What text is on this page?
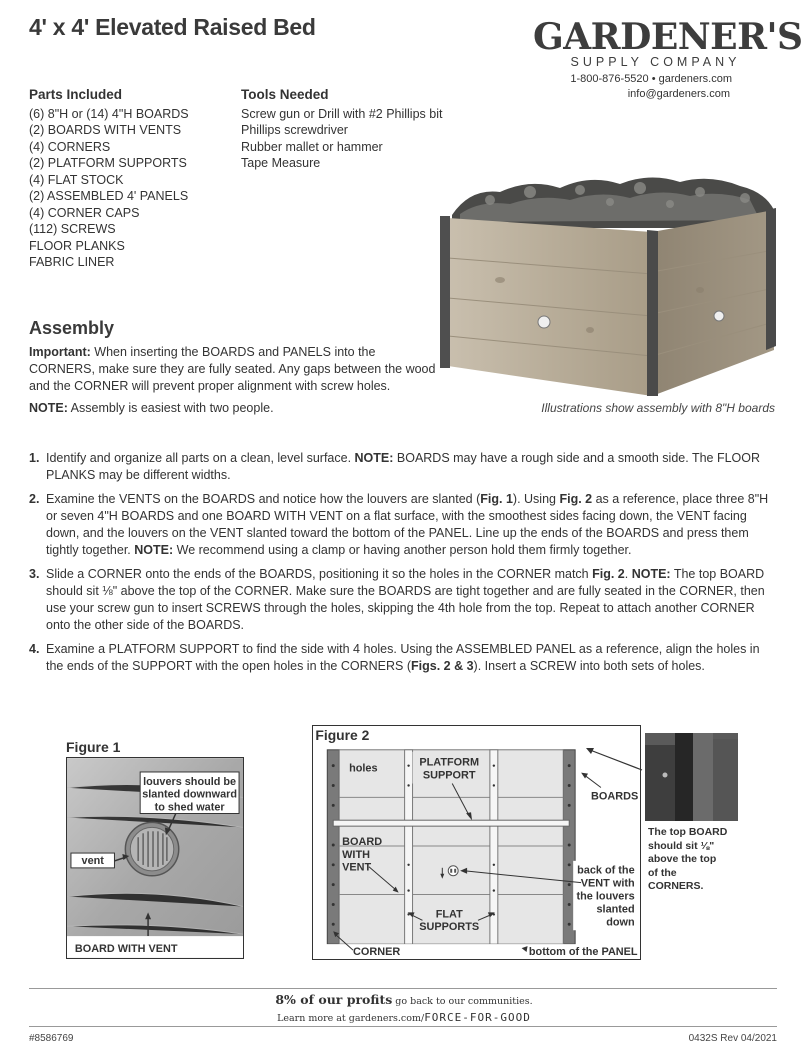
4' x 4' Elevated Raised Bed	GARDENER'S
SUPPLY COMPANY
1-800-876-5520 • gardeners.com
info@gardeners.com
Parts Included
(6) 8"H or (14) 4"H BOARDS
(2) BOARDS WITH VENTS
(4) CORNERS
(2) PLATFORM SUPPORTS
(4) FLAT STOCK
(2) ASSEMBLED 4' PANELS
(4) CORNER CAPS
(112) SCREWS
FLOOR PLANKS
FABRIC LINER
Tools Needed
Screw gun or Drill with #2 Phillips bit
Phillips screwdriver
Rubber mallet or hammer
Tape Measure
Assembly
Important: When inserting the BOARDS and PANELS into the CORNERS, make sure they are fully seated. Any gaps between the wood and the CORNER will prevent proper alignment with screw holes.
NOTE: Assembly is easiest with two people.	Illustrations show assembly with 8"H boards
1. Identify and organize all parts on a clean, level surface. NOTE: BOARDS may have a rough side and a smooth side. The FLOOR PLANKS may be different widths.
2. Examine the VENTS on the BOARDS and notice how the louvers are slanted (Fig. 1). Using Fig. 2 as a reference, place three 8"H or seven 4"H BOARDS and one BOARD WITH VENT on a flat surface, with the smoothest sides facing down, the VENT facing down, and the louvers on the VENT slanted toward the bottom of the PANEL. Line up the ends of the BOARDS and press them tightly together. NOTE: We recommend using a clamp or having another person hold them firmly together.
3. Slide a CORNER onto the ends of the BOARDS, positioning it so the holes in the CORNER match Fig. 2. NOTE: The top BOARD should sit ⅛" above the top of the CORNER. Make sure the BOARDS are tight together and are fully seated in the CORNER, then use your screw gun to insert SCREWS through the holes, skipping the 4th hole from the top. Repeat to attach another CORNER onto the other side of the BOARDS.
4. Examine a PLATFORM SUPPORT to find the side with 4 holes. Using the ASSEMBLED PANEL as a reference, align the holes in the ends of the SUPPORT with the open holes in the CORNERS (Figs. 2 & 3). Insert a SCREW into both sets of holes.
Figure 1
louvers should be
slanted downward
to shed water
vent
BOARD WITH VENT
Figure 2
holes	PLATFORM
SUPPORT
BOARDS
BOARD
WITH
VENT	back of the
VENT with
the louvers
slanted
down
FLAT
SUPPORTS
CORNER	bottom of the PANEL
The top BOARD
should sit ⅛"
above the top
of the
CORNERS.
8% of our profits go back to our communities.
Learn more at gardeners.com/FORCE-FOR-GOOD
#8586769	0432S Rev 04/2021
